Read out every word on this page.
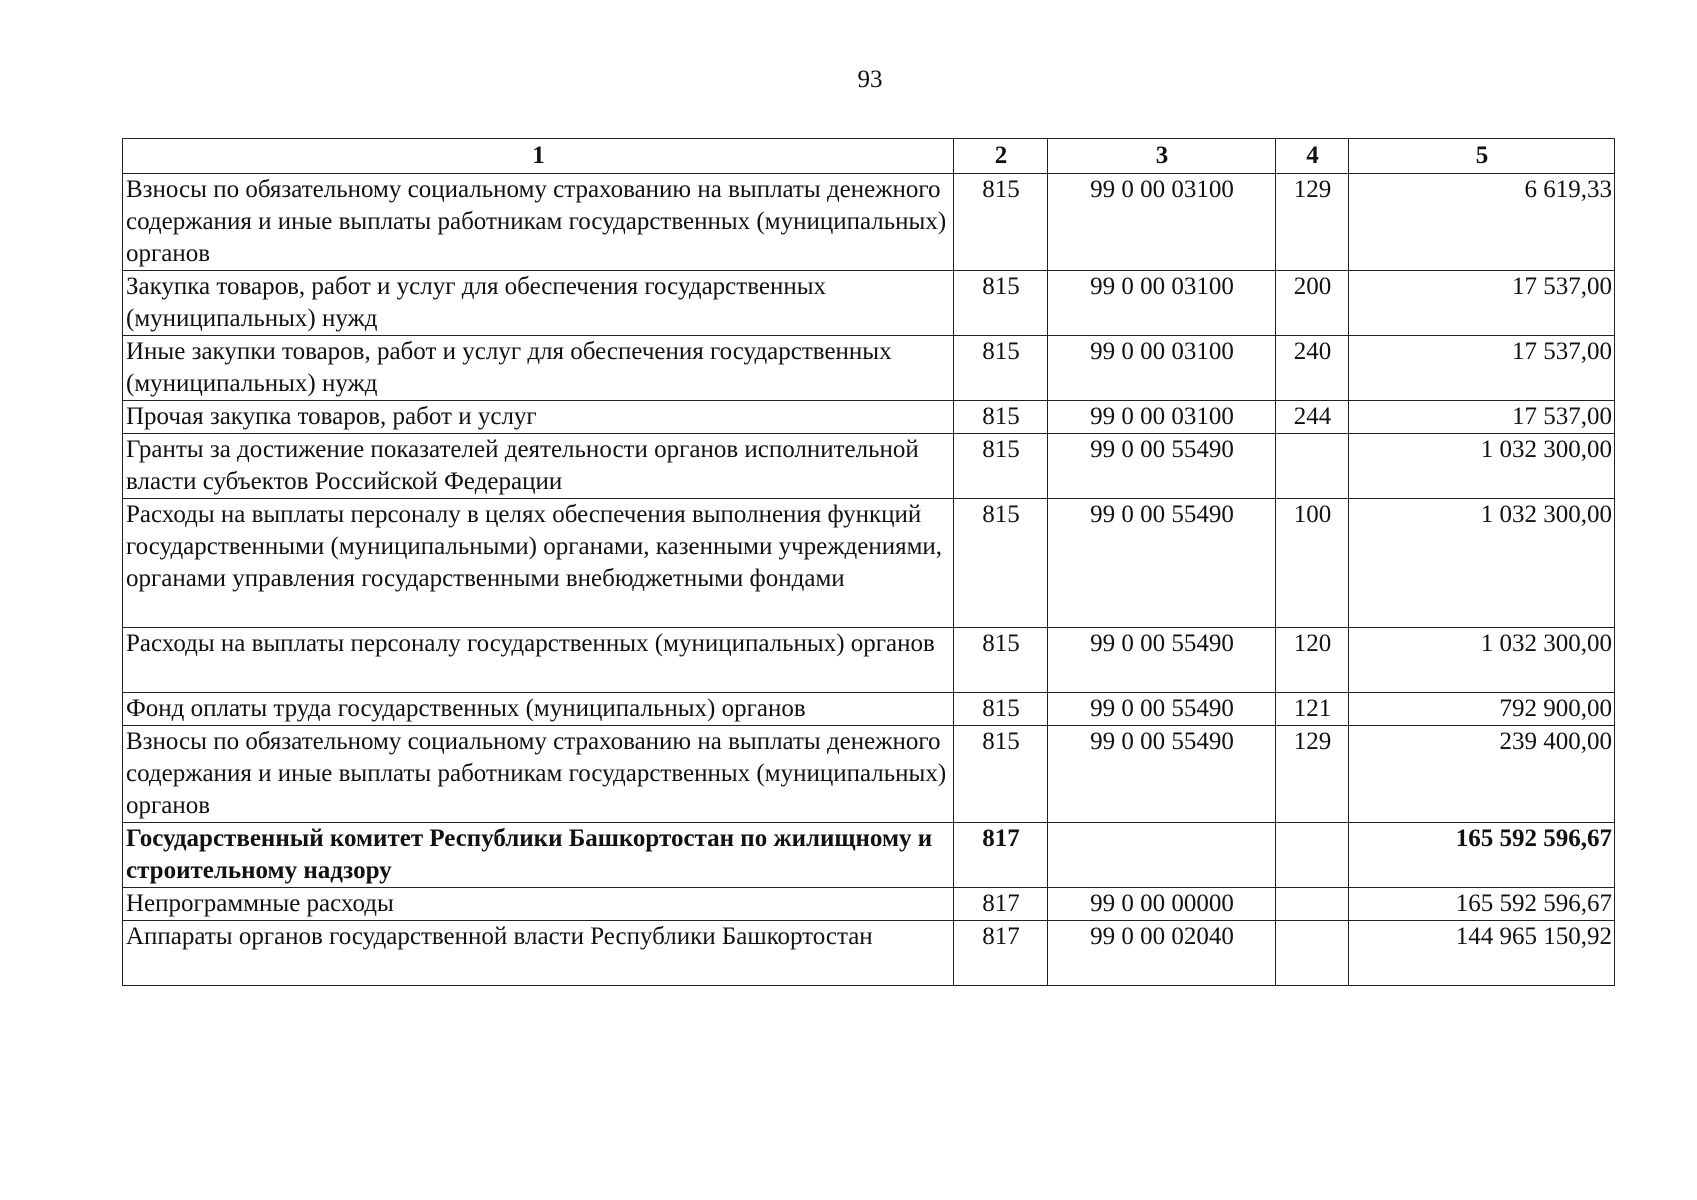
93
1	2	3	4	5
Взносы по обязательному социальному страхованию на выплаты денежного содержания и иные выплаты работникам государственных (муниципальных) органов	815	99 0 00 03100	129	6 619,33
Закупка товаров, работ и услуг для обеспечения государственных (муниципальных) нужд	815	99 0 00 03100	200	17 537,00
Иные закупки товаров, работ и услуг для обеспечения государственных (муниципальных) нужд	815	99 0 00 03100	240	17 537,00
Прочая закупка товаров, работ и услуг	815	99 0 00 03100	244	17 537,00
Гранты за достижение показателей деятельности органов исполнительной власти субъектов Российской Федерации	815	99 0 00 55490		1 032 300,00
Расходы на выплаты персоналу в целях обеспечения выполнения функций государственными (муниципальными) органами, казенными учреждениями, органами управления государственными внебюджетными фондами	815	99 0 00 55490	100	1 032 300,00
Расходы на выплаты персоналу государственных (муниципальных) органов	815	99 0 00 55490	120	1 032 300,00
Фонд оплаты труда государственных (муниципальных) органов	815	99 0 00 55490	121	792 900,00
Взносы по обязательному социальному страхованию на выплаты денежного содержания и иные выплаты работникам государственных (муниципальных) органов	815	99 0 00 55490	129	239 400,00
Государственный комитет Республики Башкортостан по жилищному и строительному надзору	817			165 592 596,67
Непрограммные расходы	817	99 0 00 00000		165 592 596,67
Аппараты органов государственной власти Республики Башкортостан	817	99 0 00 02040		144 965 150,92
